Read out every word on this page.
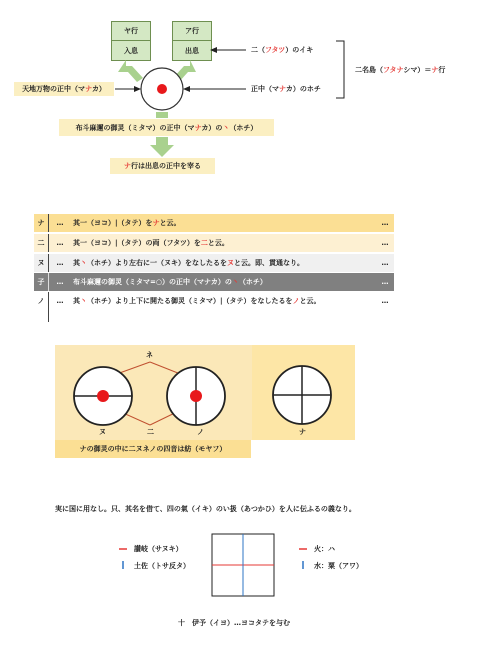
ヤ行
入息
ア行
出息
天地万物の正中（マナカ）
二（フタツ）のイキ
正中（マナカ）のホチ
二名島（フタナシマ）＝ナ行
布斗麻邇の御灵（ミタマ）の正中（マナカ）の丶（ホチ）
ナ行は出息の正中を宰る
ナ	…	其一（ヨコ）|（タテ）をナと云。	…
二	…	其一（ヨコ）|（タテ）の両（フタツ）を二と云。	…
ヌ	…	其丶（ホチ）より左右に一（ヌキ）をなしたるをヌと云。即、貫通なり。	…
子	…	布斗麻邇の御灵（ミタマ=○）の正中（マナカ）の丶（ホチ）	…
ノ	…	其丶（ホチ）より上下に開たる御灵（ミタマ）|（タテ）をなしたるをノと云。	…
ネ
ヌ	二	ノ	ナ
ナの御灵の中に二ヌネノの四音は紡（モヤフ）
実に国に用なし。只、其名を借て、四の氣（イキ）のい扱（あつかひ）を人に伝ふるの義なり。
讃岐（サヌキ）
土佐（トサ反タ）
火：ハ
水：粟（アワ）
十　伊予（イヨ）…ヨコタテを与む
